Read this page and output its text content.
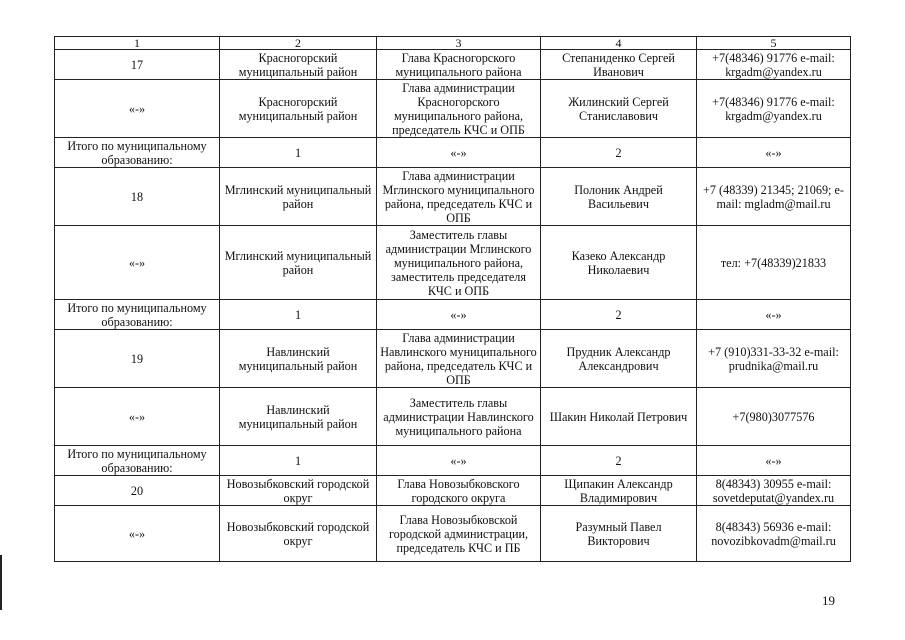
1	2	3	4	5
17	Красногорский муниципальный район	Глава Красногорского муниципального района	Степаниденко Сергей Иванович	+7(48346) 91776 e-mail: krgadm@yandex.ru
«-»	Красногорский муниципальный район	Глава администрации Красногорского муниципального района, председатель КЧС и ОПБ	Жилинский Сергей Станиславович	+7(48346) 91776 e-mail: krgadm@yandex.ru
Итого по муниципальному образованию:	1	«-»	2	«-»
18	Мглинский муниципальный район	Глава администрации Мглинского муниципального района, председатель КЧС и ОПБ	Полоник Андрей Васильевич	+7 (48339) 21345; 21069; e-mail: mgladm@mail.ru
«-»	Мглинский муниципальный район	Заместитель главы администрации Мглинского муниципального района, заместитель председателя КЧС и ОПБ	Казеко Александр Николаевич	тел: +7(48339)21833
Итого по муниципальному образованию:	1	«-»	2	«-»
19	Навлинский муниципальный район	Глава администрации Навлинского муниципального района, председатель КЧС и ОПБ	Прудник Александр Александрович	+7 (910)331-33-32 e-mail: prudnika@mail.ru
«-»	Навлинский муниципальный район	Заместитель главы администрации Навлинского муниципального района	Шакин Николай Петрович	+7(980)3077576
Итого по муниципальному образованию:	1	«-»	2	«-»
20	Новозыбковский городской округ	Глава Новозыбковского городского округа	Щипакин Александр Владимирович	8(48343) 30955 e-mail: sovetdeputat@yandex.ru
«-»	Новозыбковский городской округ	Глава Новозыбковской городской администрации, председатель КЧС и ПБ	Разумный Павел Викторович	8(48343) 56936 e-mail: novozibkovadm@mail.ru
19
